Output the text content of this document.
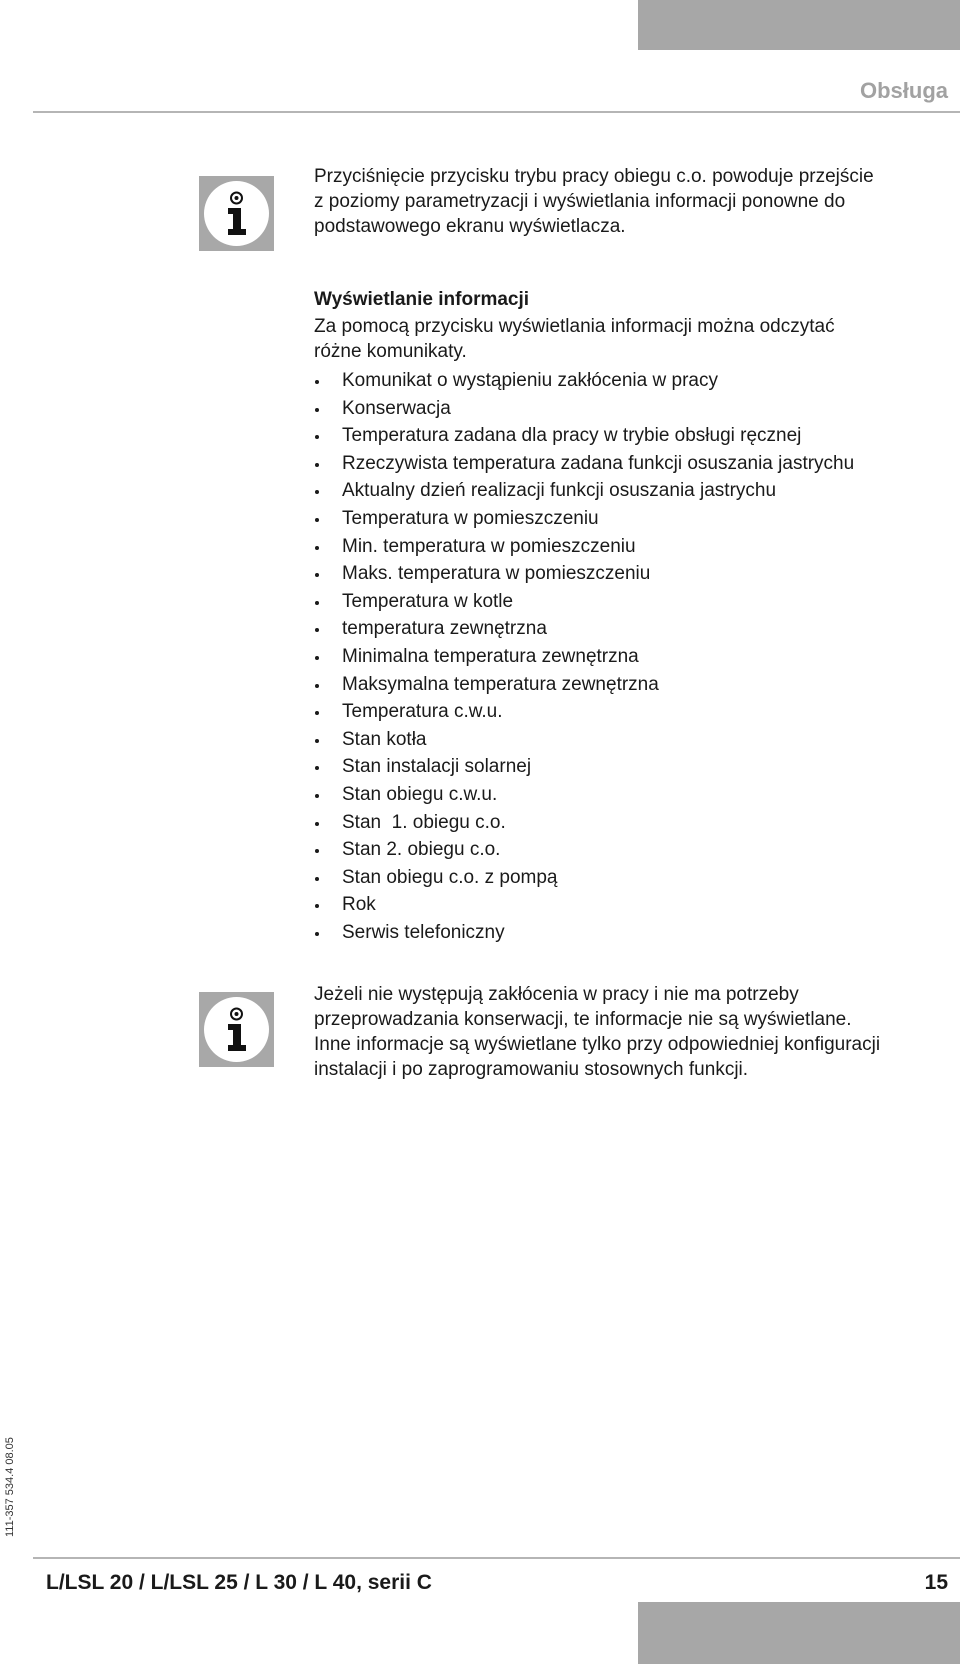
Obsługa
Przyciśnięcie przycisku trybu pracy obiegu c.o. powoduje przejście
z poziomy parametryzacji i wyświetlania informacji ponowne do
podstawowego ekranu wyświetlacza.
Wyświetlanie informacji
Za pomocą przycisku wyświetlania informacji można odczytać
różne komunikaty.
Komunikat o wystąpieniu zakłócenia w pracy
Konserwacja
Temperatura zadana dla pracy w trybie obsługi ręcznej
Rzeczywista temperatura zadana funkcji osuszania jastrychu
Aktualny dzień realizacji funkcji osuszania jastrychu
Temperatura w pomieszczeniu
Min. temperatura w pomieszczeniu
Maks. temperatura w pomieszczeniu
Temperatura w kotle
temperatura zewnętrzna
Minimalna temperatura zewnętrzna
Maksymalna temperatura zewnętrzna
Temperatura c.w.u.
Stan kotła
Stan instalacji solarnej
Stan obiegu c.w.u.
Stan  1. obiegu c.o.
Stan 2. obiegu c.o.
Stan obiegu c.o. z pompą
Rok
Serwis telefoniczny
Jeżeli nie występują zakłócenia w pracy i nie ma potrzeby
przeprowadzania konserwacji, te informacje nie są wyświetlane.
Inne informacje są wyświetlane tylko przy odpowiedniej konfiguracji
instalacji i po zaprogramowaniu stosownych funkcji.
111-357 534.4 08.05
L/LSL 20 / L/LSL 25 / L 30 / L 40, serii C	15
